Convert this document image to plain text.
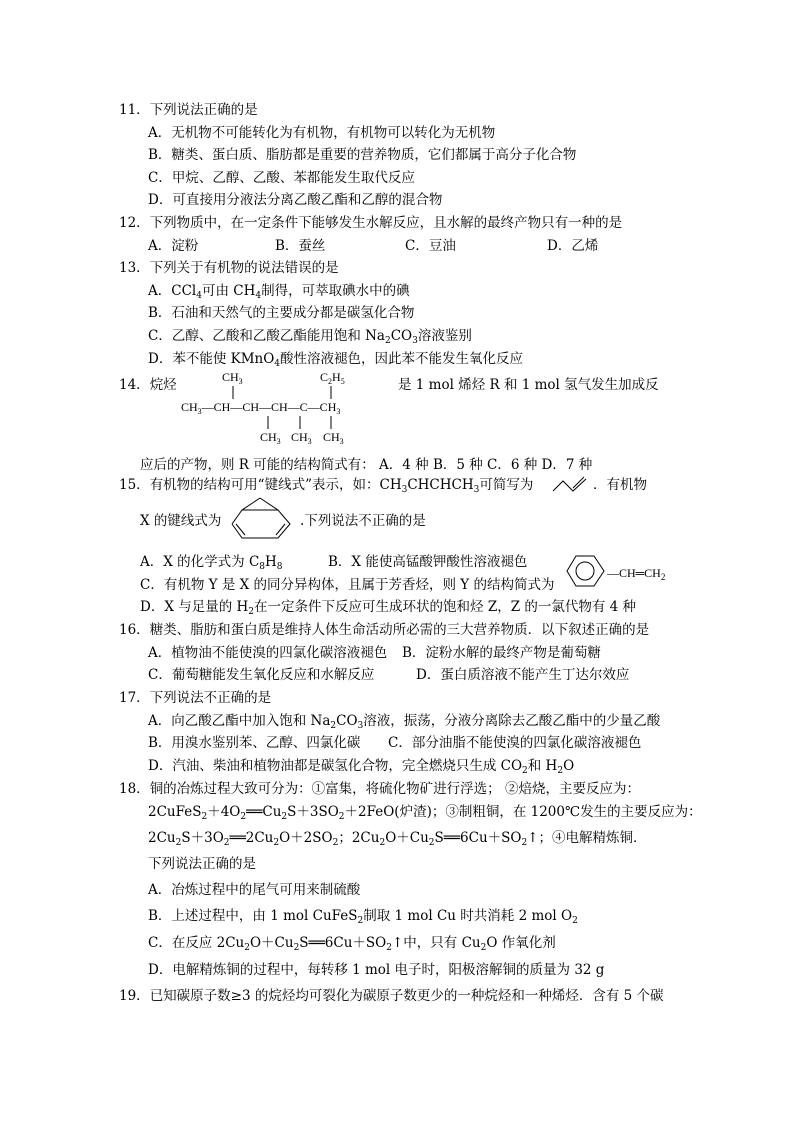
11．下列说法正确的是
A．无机物不可能转化为有机物，有机物可以转化为无机物
B．糖类、蛋白质、脂肪都是重要的营养物质，它们都属于高分子化合物
C．甲烷、乙醇、乙酸、苯都能发生取代反应
D．可直接用分液法分离乙酸乙酯和乙醇的混合物
12．下列物质中，在一定条件下能够发生水解反应，且水解的最终产物只有一种的是
A．淀粉	B．蚕丝	C．豆油	D．乙烯
13．下列关于有机物的说法错误的是
A．CCl$_4$可由 $CH_4$制得，可萃取碘水中的碘
B．石油和天然气的主要成分都是碳氢化合物
C．乙醇、乙酸和乙酸乙酯能用饱和 $Na_2CO_3$溶液鉴别
D．苯不能使 KMnO$_4$酸性溶液褪色，因此苯不能发生氧化反应
14．烷烃	$CH_3$	$C_2H_5$
$CH_3—CH—CH—CH—C—CH_3$
$CH_3$ $CH_3$ $CH_3$
是 1 mol 烯烃 R 和 1 mol 氢气发生加成反
应后的产物，则 R 可能的结构简式有： A．4 种 B．5 种 C．6 种 D．7 种
15．有机物的结构可用“键线式”表示，如：$CH_3CHCHCH_3$可简写为	．有机物
X 的键线式为	.下列说法不正确的是
A．X 的化学式为 $C_8H_8$	B．X 能使高锰酸钾酸性溶液褪色
$—CH═CH_2$
C．有机物 Y 是 X 的同分异构体，且属于芳香烃，则 Y 的结构简式为
D．X 与足量的 $H_2$在一定条件下反应可生成环状的饱和烃 Z，Z 的一氯代物有 4 种
16．糖类、脂肪和蛋白质是维持人体生命活动所必需的三大营养物质．以下叙述正确的是
A．植物油不能使溴的四氯化碳溶液褪色 B．淀粉水解的最终产物是葡萄糖
C．葡萄糖能发生氧化反应和水解反应	D．蛋白质溶液不能产生丁达尔效应
17．下列说法不正确的是
A．向乙酸乙酯中加入饱和 $Na_2CO_3$溶液，振荡，分液分离除去乙酸乙酯中的少量乙酸
B．用溴水鉴别苯、乙醇、四氯化碳 C．部分油脂不能使溴的四氯化碳溶液褪色
D．汽油、柴油和植物油都是碳氢化合物，完全燃烧只生成 $CO_2$和 $H_2O$
18．铜的冶炼过程大致可分为：①富集，将硫化物矿进行浮选； ②焙烧，主要反应为：
$2CuFeS_2+4O_2══Cu_2S+3SO_2+2FeO$(炉渣)；③制粗铜，在 1200℃发生的主要反应为：
$2Cu_2S+3O_2══2Cu_2O+2SO_2$；$2Cu_2O+Cu_2S══6Cu+SO_2↑$；④电解精炼铜．
下列说法正确的是
A．冶炼过程中的尾气可用来制硫酸
B．上述过程中，由 1 mol CuFeS$_2$制取 1 mol Cu 时共消耗 2 mol $O_2$
C．在反应 $2Cu_2O+Cu_2S══6Cu+SO_2↑$中，只有 $Cu_2O$ 作氧化剂
D．电解精炼铜的过程中，每转移 1 mol 电子时，阳极溶解铜的质量为 32 g
19．已知碳原子数≥3 的烷烃均可裂化为碳原子数更少的一种烷烃和一种烯烃．含有 5 个碳
